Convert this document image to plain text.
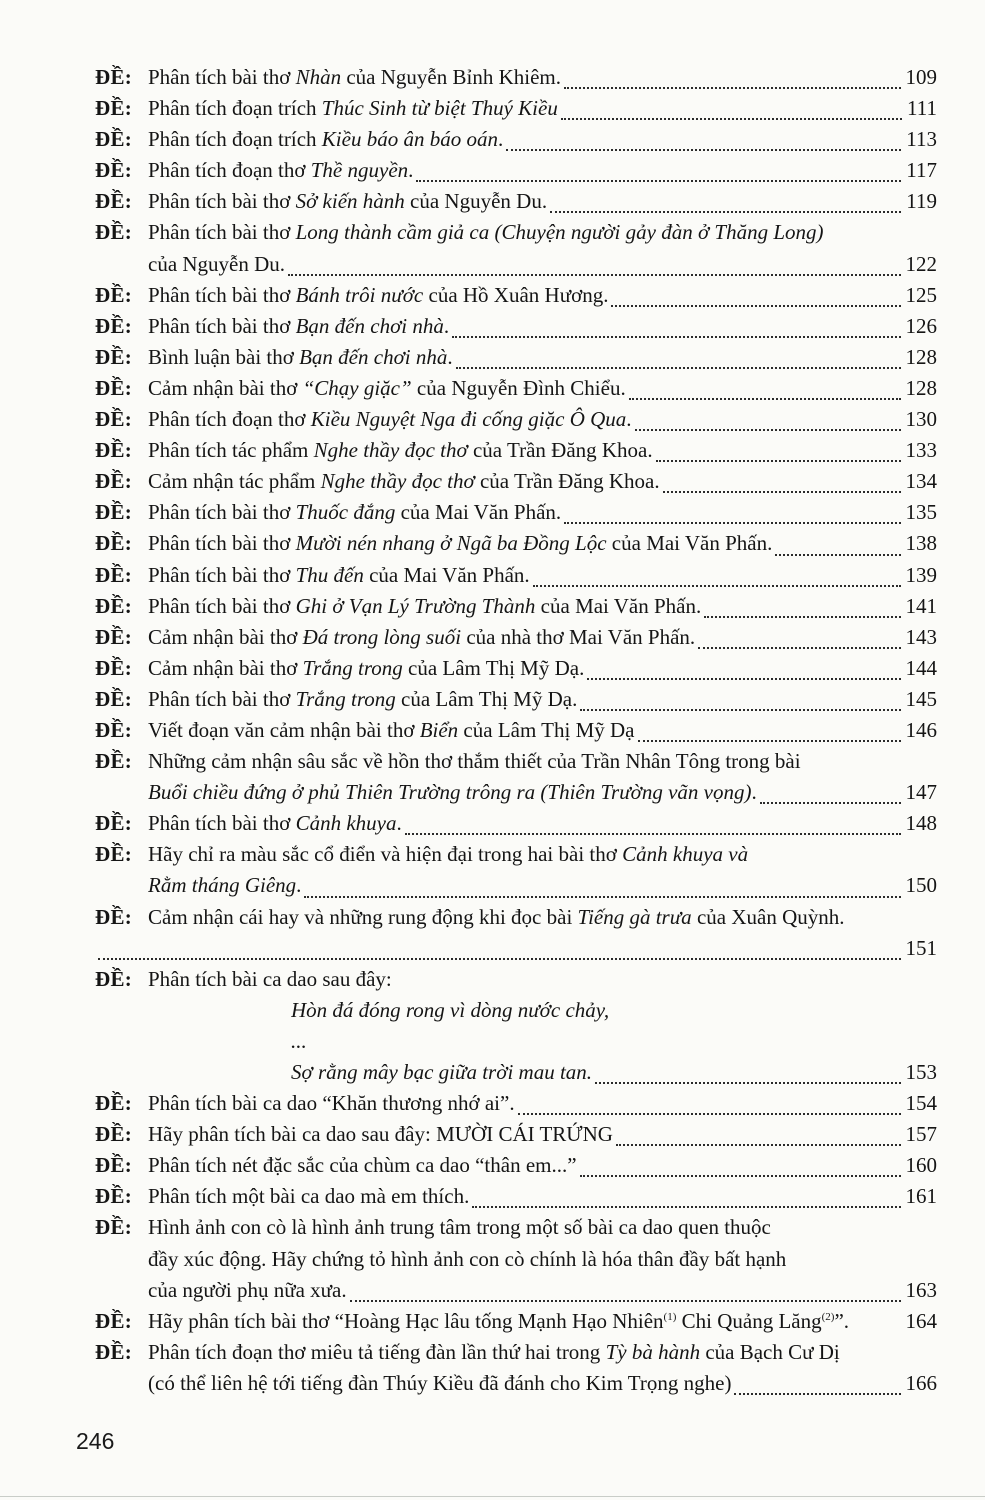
ĐỀ: Phân tích bài thơ Nhàn của Nguyễn Bỉnh Khiêm.	109
ĐỀ: Phân tích đoạn trích Thúc Sinh từ biệt Thuý Kiều	111
ĐỀ: Phân tích đoạn trích Kiều báo ân báo oán.	113
ĐỀ: Phân tích đoạn thơ Thề nguyền.	117
ĐỀ: Phân tích bài thơ Sở kiến hành của Nguyễn Du.	119
ĐỀ: Phân tích bài thơ Long thành cầm giả ca (Chuyện người gảy đàn ở Thăng Long)
của Nguyễn Du.	122
ĐỀ: Phân tích bài thơ Bánh trôi nước của Hồ Xuân Hương.	125
ĐỀ: Phân tích bài thơ Bạn đến chơi nhà.	126
ĐỀ: Bình luận bài thơ Bạn đến chơi nhà.	128
ĐỀ: Cảm nhận bài thơ “Chạy giặc” của Nguyễn Đình Chiểu.	128
ĐỀ: Phân tích đoạn thơ Kiều Nguyệt Nga đi cống giặc Ô Qua.	130
ĐỀ: Phân tích tác phẩm Nghe thầy đọc thơ của Trần Đăng Khoa.	133
ĐỀ: Cảm nhận tác phẩm Nghe thầy đọc thơ của Trần Đăng Khoa.	134
ĐỀ: Phân tích bài thơ Thuốc đắng của Mai Văn Phấn.	135
ĐỀ: Phân tích bài thơ Mười nén nhang ở Ngã ba Đồng Lộc của Mai Văn Phấn.	138
ĐỀ: Phân tích bài thơ Thu đến của Mai Văn Phấn.	139
ĐỀ: Phân tích bài thơ Ghi ở Vạn Lý Trường Thành của Mai Văn Phấn.	141
ĐỀ: Cảm nhận bài thơ Đá trong lòng suối của nhà thơ Mai Văn Phấn.	143
ĐỀ: Cảm nhận bài thơ Trắng trong của Lâm Thị Mỹ Dạ.	144
ĐỀ: Phân tích bài thơ Trắng trong của Lâm Thị Mỹ Dạ.	145
ĐỀ: Viết đoạn văn cảm nhận bài thơ Biển của Lâm Thị Mỹ Dạ	146
ĐỀ: Những cảm nhận sâu sắc về hồn thơ thắm thiết của Trần Nhân Tông trong bài
Buổi chiều đứng ở phủ Thiên Trường trông ra (Thiên Trường vãn vọng).	147
ĐỀ: Phân tích bài thơ Cảnh khuya.	148
ĐỀ: Hãy chỉ ra màu sắc cổ điển và hiện đại trong hai bài thơ Cảnh khuya và
Rằm tháng Giêng.	150
ĐỀ: Cảm nhận cái hay và những rung động khi đọc bài Tiếng gà trưa của Xuân Quỳnh.
151
ĐỀ: Phân tích bài ca dao sau đây:
Hòn đá đóng rong vì dòng nước chảy,
...
Sợ rằng mây bạc giữa trời mau tan.	153
ĐỀ: Phân tích bài ca dao “Khăn thương nhớ ai”.	154
ĐỀ: Hãy phân tích bài ca dao sau đây: MƯỜI CÁI TRỨNG	157
ĐỀ: Phân tích nét đặc sắc của chùm ca dao “thân em...”	160
ĐỀ: Phân tích một bài ca dao mà em thích.	161
ĐỀ: Hình ảnh con cò là hình ảnh trung tâm trong một số bài ca dao quen thuộc
đầy xúc động. Hãy chứng tỏ hình ảnh con cò chính là hóa thân đầy bất hạnh
của người phụ nữa xưa.	163
ĐỀ: Hãy phân tích bài thơ “Hoàng Hạc lâu tống Mạnh Hạo Nhiên$^{(1)}$ Chi Quảng Lăng$^{(2)}$”.	164
ĐỀ: Phân tích đoạn thơ miêu tả tiếng đàn lần thứ hai trong Tỳ bà hành của Bạch Cư Dị
(có thể liên hệ tới tiếng đàn Thúy Kiều đã đánh cho Kim Trọng nghe)	166
246
